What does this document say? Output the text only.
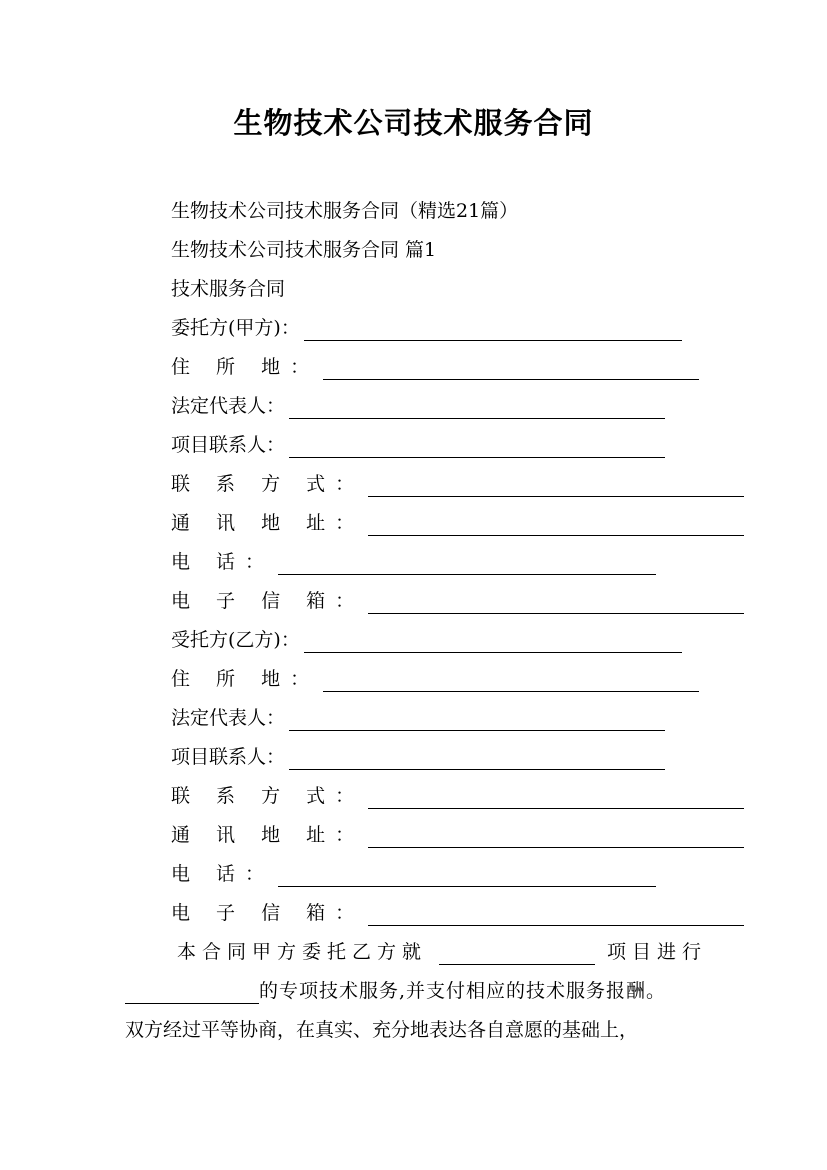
生物技术公司技术服务合同
生物技术公司技术服务合同（精选21篇）
生物技术公司技术服务合同 篇1
技术服务合同
委托方(甲方)：
住 所 地：
法定代表人：
项目联系人：
联 系 方 式：
通 讯 地 址：
电 话：
电 子 信 箱：
受托方(乙方)：
住 所 地：
法定代表人：
项目联系人：
联 系 方 式：
通 讯 地 址：
电 话：
电 子 信 箱：
本合同甲方委托乙方就	项目进行
的专项技术服务,并支付相应的技术服务报酬。
双方经过平等协商，在真实、充分地表达各自意愿的基础上，
